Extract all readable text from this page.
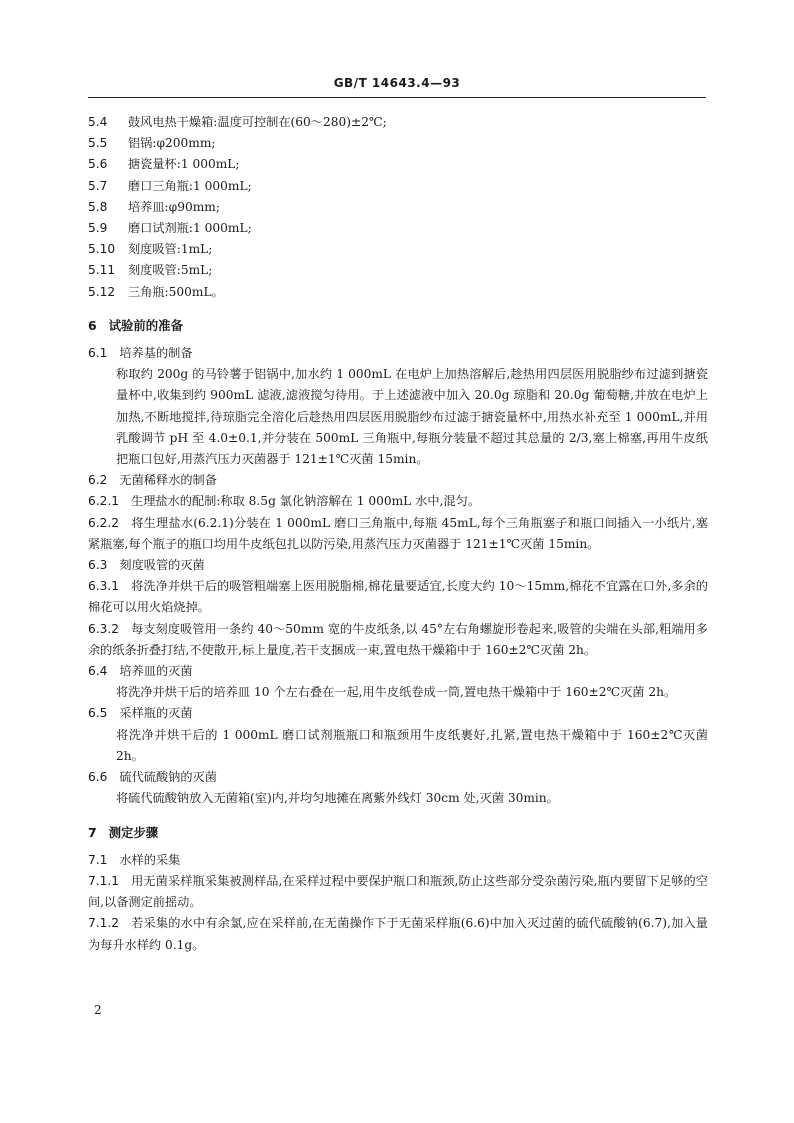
GB/T 14643.4—93
5.4 鼓风电热干燥箱:温度可控制在(60～280)±2℃;
5.5 铝锅:φ200mm;
5.6 搪瓷量杯:1 000mL;
5.7 磨口三角瓶:1 000mL;
5.8 培养皿:φ90mm;
5.9 磨口试剂瓶:1 000mL;
5.10 刻度吸管:1mL;
5.11 刻度吸管:5mL;
5.12 三角瓶:500mL。
6 试验前的准备
6.1 培养基的制备
称取约 200g 的马铃薯于铝锅中,加水约 1 000mL 在电炉上加热溶解后,趁热用四层医用脱脂纱布过滤到搪瓷量杯中,收集到约 900mL 滤液,滤液搅匀待用。于上述滤液中加入 20.0g 琼脂和 20.0g 葡萄糖,并放在电炉上加热,不断地搅拌,待琼脂完全溶化后趁热用四层医用脱脂纱布过滤于搪瓷量杯中,用热水补充至 1 000mL,并用乳酸调节 pH 至 4.0±0.1,并分装在 500mL 三角瓶中,每瓶分装量不超过其总量的 2/3,塞上棉塞,再用牛皮纸把瓶口包好,用蒸汽压力灭菌器于 121±1℃灭菌 15min。
6.2 无菌稀释水的制备
6.2.1 生理盐水的配制:称取 8.5g 氯化钠溶解在 1 000mL 水中,混匀。
6.2.2 将生理盐水(6.2.1)分装在 1 000mL 磨口三角瓶中,每瓶 45mL,每个三角瓶塞子和瓶口间插入一小纸片,塞紧瓶塞,每个瓶子的瓶口均用牛皮纸包扎以防污染,用蒸汽压力灭菌器于 121±1℃灭菌 15min。
6.3 刻度吸管的灭菌
6.3.1 将洗净并烘干后的吸管粗端塞上医用脱脂棉,棉花量要适宜,长度大约 10～15mm,棉花不宜露在口外,多余的棉花可以用火焰烧掉。
6.3.2 每支刻度吸管用一条约 40～50mm 宽的牛皮纸条,以 45°左右角螺旋形卷起来,吸管的尖端在头部,粗端用多余的纸条折叠打结,不使散开,标上量度,若干支捆成一束,置电热干燥箱中于 160±2℃灭菌 2h。
6.4 培养皿的灭菌
将洗净并烘干后的培养皿 10 个左右叠在一起,用牛皮纸卷成一筒,置电热干燥箱中于 160±2℃灭菌 2h。
6.5 采样瓶的灭菌
将洗净并烘干后的 1 000mL 磨口试剂瓶瓶口和瓶颈用牛皮纸裹好,扎紧,置电热干燥箱中于 160±2℃灭菌 2h。
6.6 硫代硫酸钠的灭菌
将硫代硫酸钠放入无菌箱(室)内,并均匀地摊在离紫外线灯 30cm 处,灭菌 30min。
7 测定步骤
7.1 水样的采集
7.1.1 用无菌采样瓶采集被测样品,在采样过程中要保护瓶口和瓶颈,防止这些部分受杂菌污染,瓶内要留下足够的空间,以备测定前摇动。
7.1.2 若采集的水中有余氯,应在采样前,在无菌操作下于无菌采样瓶(6.6)中加入灭过菌的硫代硫酸钠(6.7),加入量为每升水样约 0.1g。
2
